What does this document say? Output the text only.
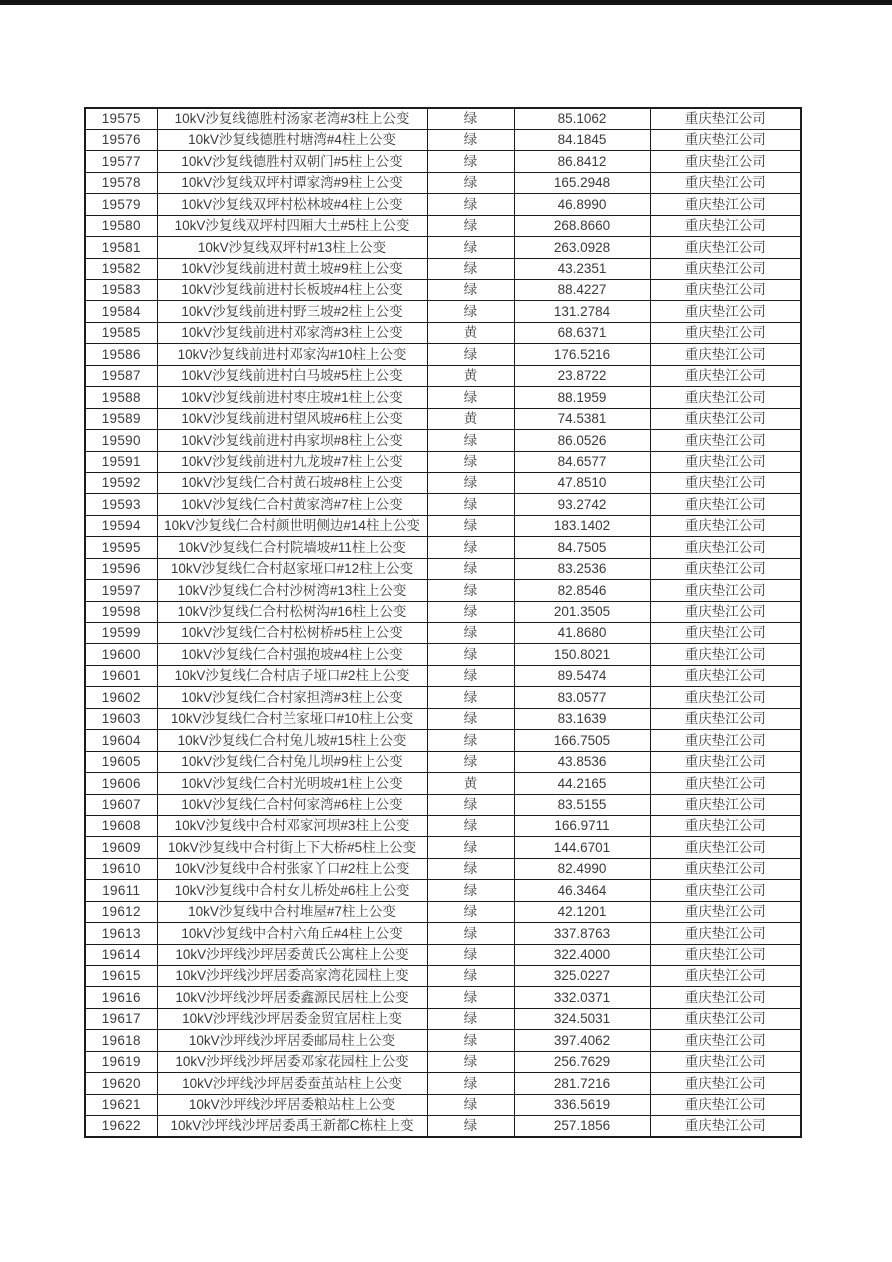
19575	10kV沙复线德胜村汤家老湾#3柱上公变	绿	85.1062	重庆垫江公司
19576	10kV沙复线德胜村塘湾#4柱上公变	绿	84.1845	重庆垫江公司
19577	10kV沙复线德胜村双朝门#5柱上公变	绿	86.8412	重庆垫江公司
19578	10kV沙复线双坪村谭家湾#9柱上公变	绿	165.2948	重庆垫江公司
19579	10kV沙复线双坪村松林坡#4柱上公变	绿	46.8990	重庆垫江公司
19580	10kV沙复线双坪村四厢大土#5柱上公变	绿	268.8660	重庆垫江公司
19581	10kV沙复线双坪村#13柱上公变	绿	263.0928	重庆垫江公司
19582	10kV沙复线前进村黄土坡#9柱上公变	绿	43.2351	重庆垫江公司
19583	10kV沙复线前进村长板坡#4柱上公变	绿	88.4227	重庆垫江公司
19584	10kV沙复线前进村野三坡#2柱上公变	绿	131.2784	重庆垫江公司
19585	10kV沙复线前进村邓家湾#3柱上公变	黄	68.6371	重庆垫江公司
19586	10kV沙复线前进村邓家沟#10柱上公变	绿	176.5216	重庆垫江公司
19587	10kV沙复线前进村白马坡#5柱上公变	黄	23.8722	重庆垫江公司
19588	10kV沙复线前进村枣庄坡#1柱上公变	绿	88.1959	重庆垫江公司
19589	10kV沙复线前进村望风坡#6柱上公变	黄	74.5381	重庆垫江公司
19590	10kV沙复线前进村冉家坝#8柱上公变	绿	86.0526	重庆垫江公司
19591	10kV沙复线前进村九龙坡#7柱上公变	绿	84.6577	重庆垫江公司
19592	10kV沙复线仁合村黄石坡#8柱上公变	绿	47.8510	重庆垫江公司
19593	10kV沙复线仁合村黄家湾#7柱上公变	绿	93.2742	重庆垫江公司
19594	10kV沙复线仁合村颜世明侧边#14柱上公变	绿	183.1402	重庆垫江公司
19595	10kV沙复线仁合村院墙坡#11柱上公变	绿	84.7505	重庆垫江公司
19596	10kV沙复线仁合村赵家垭口#12柱上公变	绿	83.2536	重庆垫江公司
19597	10kV沙复线仁合村沙树湾#13柱上公变	绿	82.8546	重庆垫江公司
19598	10kV沙复线仁合村松树沟#16柱上公变	绿	201.3505	重庆垫江公司
19599	10kV沙复线仁合村松树桥#5柱上公变	绿	41.8680	重庆垫江公司
19600	10kV沙复线仁合村强抱坡#4柱上公变	绿	150.8021	重庆垫江公司
19601	10kV沙复线仁合村店子垭口#2柱上公变	绿	89.5474	重庆垫江公司
19602	10kV沙复线仁合村家担湾#3柱上公变	绿	83.0577	重庆垫江公司
19603	10kV沙复线仁合村兰家垭口#10柱上公变	绿	83.1639	重庆垫江公司
19604	10kV沙复线仁合村兔儿坡#15柱上公变	绿	166.7505	重庆垫江公司
19605	10kV沙复线仁合村兔儿坝#9柱上公变	绿	43.8536	重庆垫江公司
19606	10kV沙复线仁合村光明坡#1柱上公变	黄	44.2165	重庆垫江公司
19607	10kV沙复线仁合村何家湾#6柱上公变	绿	83.5155	重庆垫江公司
19608	10kV沙复线中合村邓家河坝#3柱上公变	绿	166.9711	重庆垫江公司
19609	10kV沙复线中合村街上下大桥#5柱上公变	绿	144.6701	重庆垫江公司
19610	10kV沙复线中合村张家丫口#2柱上公变	绿	82.4990	重庆垫江公司
19611	10kV沙复线中合村女儿桥处#6柱上公变	绿	46.3464	重庆垫江公司
19612	10kV沙复线中合村堆屋#7柱上公变	绿	42.1201	重庆垫江公司
19613	10kV沙复线中合村六角丘#4柱上公变	绿	337.8763	重庆垫江公司
19614	10kV沙坪线沙坪居委黄氏公寓柱上公变	绿	322.4000	重庆垫江公司
19615	10kV沙坪线沙坪居委高家湾花园柱上变	绿	325.0227	重庆垫江公司
19616	10kV沙坪线沙坪居委鑫源民居柱上公变	绿	332.0371	重庆垫江公司
19617	10kV沙坪线沙坪居委金贸宜居柱上变	绿	324.5031	重庆垫江公司
19618	10kV沙坪线沙坪居委邮局柱上公变	绿	397.4062	重庆垫江公司
19619	10kV沙坪线沙坪居委邓家花园柱上公变	绿	256.7629	重庆垫江公司
19620	10kV沙坪线沙坪居委蚕茧站柱上公变	绿	281.7216	重庆垫江公司
19621	10kV沙坪线沙坪居委粮站柱上公变	绿	336.5619	重庆垫江公司
19622	10kV沙坪线沙坪居委禹王新都C栋柱上变	绿	257.1856	重庆垫江公司
